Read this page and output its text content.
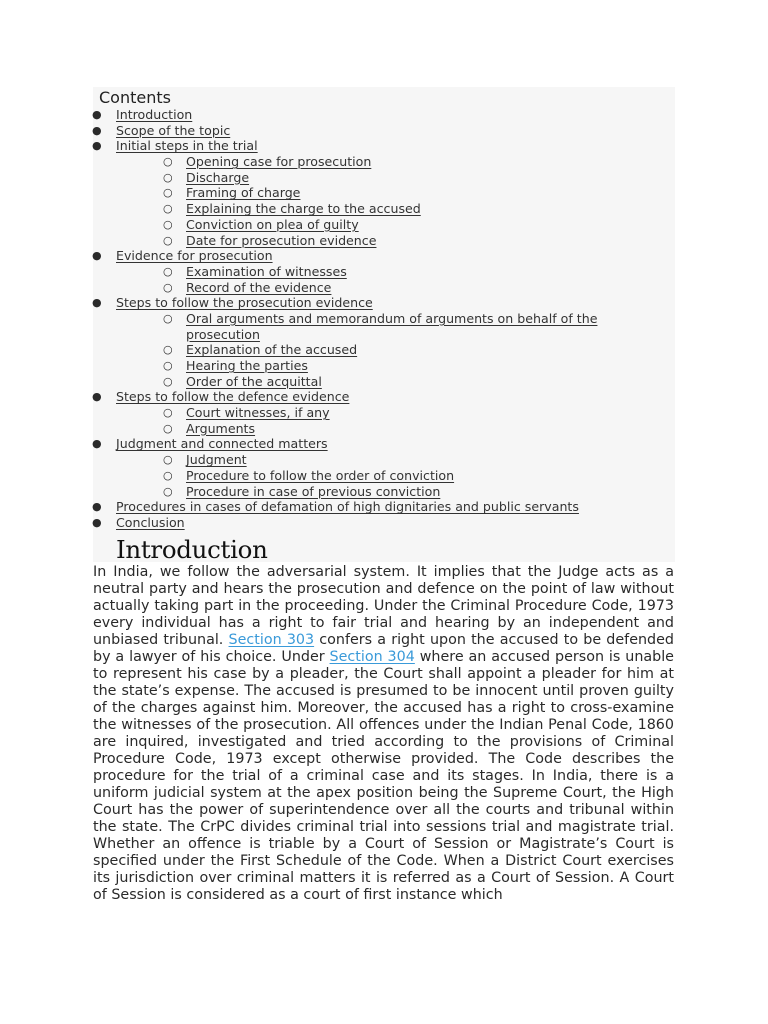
Contents
● Introduction
● Scope of the topic
● Initial steps in the trial
○ Opening case for prosecution
○ Discharge
○ Framing of charge
○ Explaining the charge to the accused
○ Conviction on plea of guilty
○ Date for prosecution evidence
● Evidence for prosecution
○ Examination of witnesses
○ Record of the evidence
● Steps to follow the prosecution evidence
○ Oral arguments and memorandum of arguments on behalf of the prosecution
○ Explanation of the accused
○ Hearing the parties
○ Order of the acquittal
● Steps to follow the defence evidence
○ Court witnesses, if any
○ Arguments
● Judgment and connected matters
○ Judgment
○ Procedure to follow the order of conviction
○ Procedure in case of previous conviction
● Procedures in cases of defamation of high dignitaries and public servants
● Conclusion
Introduction

In India, we follow the adversarial system. It implies that the Judge acts as a neutral party and hears the prosecution and defence on the point of law without actually taking part in the proceeding. Under the Criminal Procedure Code, 1973 every individual has a right to fair trial and hearing by an independent and unbiased tribunal. Section 303 confers a right upon the accused to be defended by a lawyer of his choice. Under Section 304 where an accused person is unable to represent his case by a pleader, the Court shall appoint a pleader for him at the state’s expense. The accused is presumed to be innocent until proven guilty of the charges against him. Moreover, the accused has a right to cross-examine the witnesses of the prosecution. All offences under the Indian Penal Code, 1860 are inquired, investigated and tried according to the provisions of Criminal Procedure Code, 1973 except otherwise provided. The Code describes the procedure for the trial of a criminal case and its stages. In India, there is a uniform judicial system at the apex position being the Supreme Court, the High Court has the power of superintendence over all the courts and tribunal within the state. The CrPC divides criminal trial into sessions trial and magistrate trial. Whether an offence is triable by a Court of Session or Magistrate’s Court is specified under the First Schedule of the Code. When a District Court exercises its jurisdiction over criminal matters it is referred as a Court of Session. A Court of Session is considered as a court of first instance which
